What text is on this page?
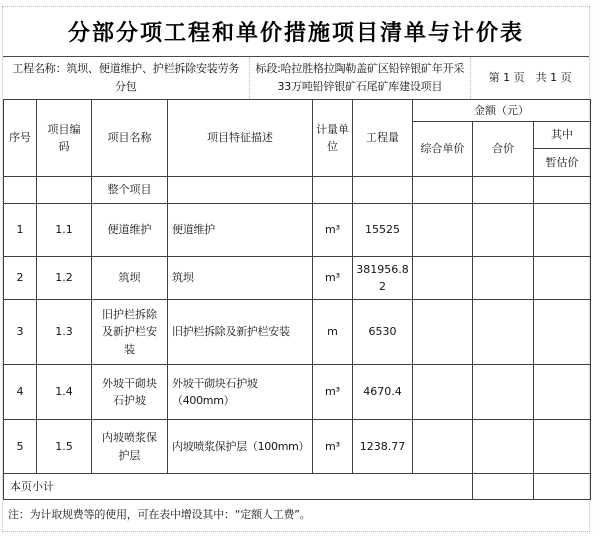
分部分项工程和单价措施项目清单与计价表
工程名称：筑坝、便道维护、护栏拆除安装劳务分包
标段:哈拉胜格拉陶勒盖矿区铅锌银矿年开采33万吨铅锌银矿石尾矿库建设项目
第 1 页　共 1 页
序号	项目编码	项目名称	项目特征描述	计量单位	工程量	金额（元）		
						综合单价	合价	其中
								暂估价
		整个项目						
1	1.1	便道维护	便道维护	m³	15525			
2	1.2	筑坝	筑坝	m³	381956.82			
3	1.3	旧护栏拆除及新护栏安装	旧护栏拆除及新护栏安装	m	6530			
4	1.4	外坡干砌块石护坡	外坡干砌块石护坡（400mm）	m³	4670.4			
5	1.5	内坡喷浆保护层	内坡喷浆保护层（100mm）	m³	1238.77			
本页小计								
注：为计取规费等的使用，可在表中增设其中：“定额人工费”。
